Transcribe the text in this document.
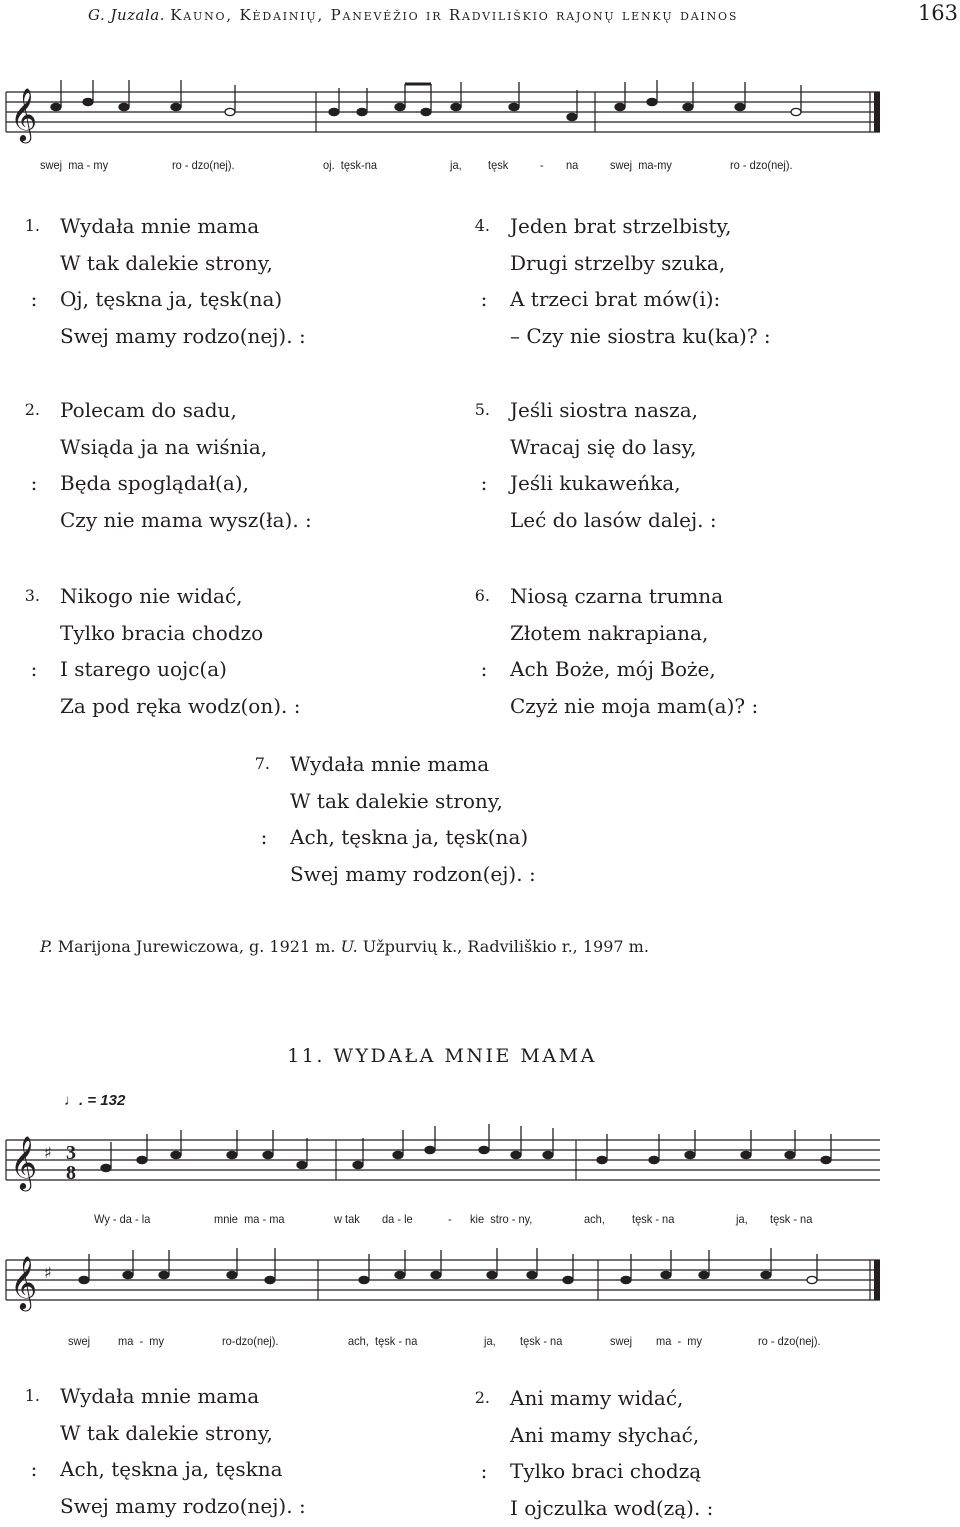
G. Juzala. Kauno, Kėdainių, Panevėžio ir Radviliškio rajonų lenkų dainos	163
𝄞
swej  ma - my	ro - dzo(nej).	oj.  tęsk-na	ja, tęsk	- na	swej  ma-my	ro - dzo(nej).
1.
:
Wydała mnie mama
W tak dalekie strony,
Oj, tęskna ja, tęsk(na)
Swej mamy rodzo(nej). :
2.
:
Polecam do sadu,
Wsiąda ja na wiśnia,
Będa spoglądał(a),
Czy nie mama wysz(ła). :
3.
:
Nikogo nie widać,
Tylko bracia chodzo
I starego uojc(a)
Za pod ręka wodz(on). :
4.
:
Jeden brat strzelbisty,
Drugi strzelby szuka,
A trzeci brat mów(i):
– Czy nie siostra ku(ka)? :
5.
:
Jeśli siostra nasza,
Wracaj się do lasy,
Jeśli kukaweńka,
Leć do lasów dalej. :
6.
:
Niosą czarna trumna
Złotem nakrapiana,
Ach Boże, mój Boże,
Czyż nie moja mam(a)? :
7.
:
Wydała mnie mama
W tak dalekie strony,
Ach, tęskna ja, tęsk(na)
Swej mamy rodzon(ej). :
P. Marijona Jurewiczowa, g. 1921 m. U. Užpurvių k., Radviliškio r., 1997 m.
11. WYDAŁA MNIE MAMA
♩. = 132
𝄞 ♯ 3
8
Wy - da - la	mnie  ma - ma	w tak da - le	- kie  stro - ny,	ach, tęsk - na	ja, tęsk - na
𝄞 ♯
swej ma  -  my	ro-dzo(nej).	ach,  tęsk - na	ja, tęsk - na	swej ma  -  my	ro - dzo(nej).
1.
:
Wydała mnie mama
W tak dalekie strony,
Ach, tęskna ja, tęskna
Swej mamy rodzo(nej). :
2.
:
Ani mamy widać,
Ani mamy słychać,
Tylko braci chodzą
I ojczulka wod(zą). :
